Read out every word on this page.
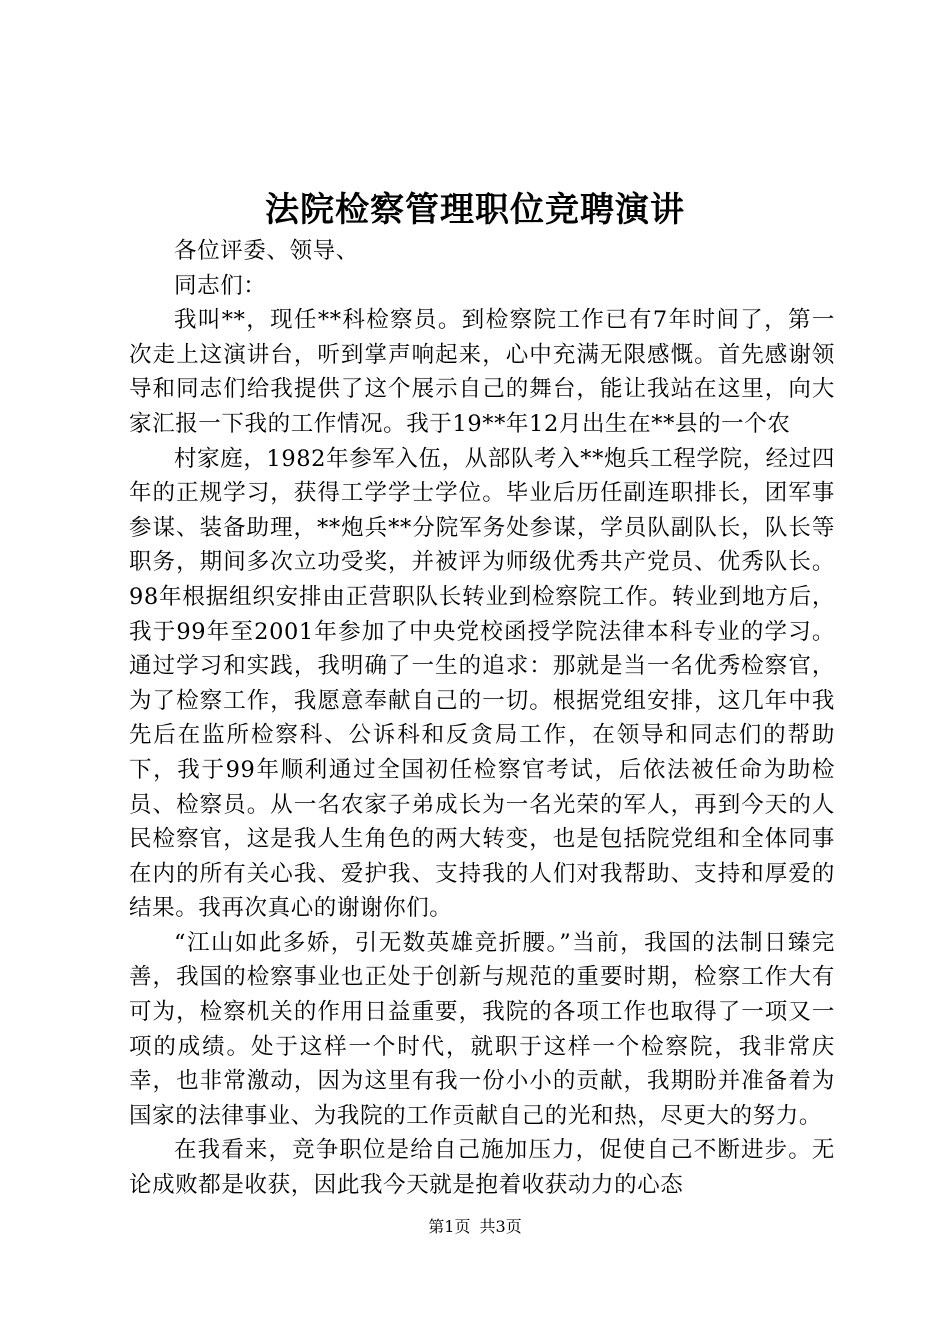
法院检察管理职位竞聘演讲

各位评委、领导、

同志们：

我叫**，现任**科检察员。到检察院工作已有7年时间了，第一次走上这演讲台，听到掌声响起来，心中充满无限感慨。首先感谢领导和同志们给我提供了这个展示自己的舞台，能让我站在这里，向大家汇报一下我的工作情况。我于19**年12月出生在**县的一个农

村家庭，1982年参军入伍，从部队考入**炮兵工程学院，经过四年的正规学习，获得工学学士学位。毕业后历任副连职排长，团军事参谋、装备助理，**炮兵**分院军务处参谋，学员队副队长，队长等职务，期间多次立功受奖，并被评为师级优秀共产党员、优秀队长。98年根据组织安排由正营职队长转业到检察院工作。转业到地方后，我于99年至2001年参加了中央党校函授学院法律本科专业的学习。通过学习和实践，我明确了一生的追求：那就是当一名优秀检察官，为了检察工作，我愿意奉献自己的一切。根据党组安排，这几年中我先后在监所检察科、公诉科和反贪局工作，在领导和同志们的帮助下，我于99年顺利通过全国初任检察官考试，后依法被任命为助检员、检察员。从一名农家子弟成长为一名光荣的军人，再到今天的人民检察官，这是我人生角色的两大转变，也是包括院党组和全体同事在内的所有关心我、爱护我、支持我的人们对我帮助、支持和厚爱的结果。我再次真心的谢谢你们。

“江山如此多娇，引无数英雄竞折腰。”当前，我国的法制日臻完善，我国的检察事业也正处于创新与规范的重要时期，检察工作大有可为，检察机关的作用日益重要，我院的各项工作也取得了一项又一项的成绩。处于这样一个时代，就职于这样一个检察院，我非常庆幸，也非常激动，因为这里有我一份小小的贡献，我期盼并准备着为国家的法律事业、为我院的工作贡献自己的光和热，尽更大的努力。

在我看来，竞争职位是给自己施加压力，促使自己不断进步。无论成败都是收获，因此我今天就是抱着收获动力的心态

第1页 共3页
